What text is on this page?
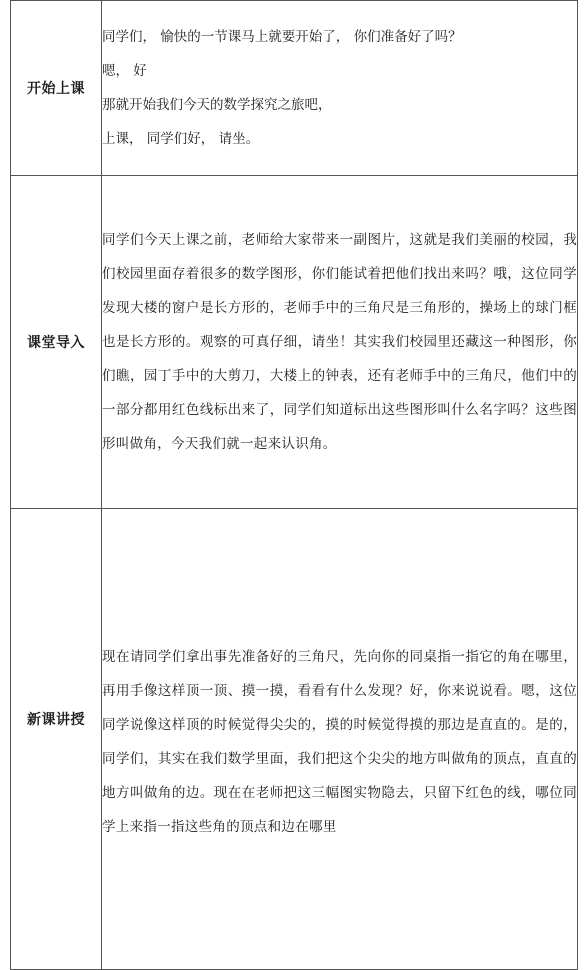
开始上课	同学们， 愉快的一节课马上就要开始了， 你们准备好了吗？
嗯， 好
那就开始我们今天的数学探究之旅吧，
上课， 同学们好， 请坐。

课堂导入	同学们今天上课之前，老师给大家带来一副图片，这就是我们美丽的校园，我们校园里面存着很多的数学图形，你们能试着把他们找出来吗？哦，这位同学发现大楼的窗户是长方形的，老师手中的三角尺是三角形的，操场上的球门框也是长方形的。观察的可真仔细，请坐！其实我们校园里还藏这一种图形，你们瞧，园丁手中的大剪刀，大楼上的钟表，还有老师手中的三角尺，他们中的一部分都用红色线标出来了，同学们知道标出这些图形叫什么名字吗？这些图形叫做角，今天我们就一起来认识角。

新课讲授	现在请同学们拿出事先准备好的三角尺，先向你的同桌指一指它的角在哪里，再用手像这样顶一顶、摸一摸，看看有什么发现？好，你来说说看。嗯，这位同学说像这样顶的时候觉得尖尖的，摸的时候觉得摸的那边是直直的。是的，同学们，其实在我们数学里面，我们把这个尖尖的地方叫做角的顶点，直直的地方叫做角的边。现在在老师把这三幅图实物隐去，只留下红色的线，哪位同学上来指一指这些角的顶点和边在哪里
